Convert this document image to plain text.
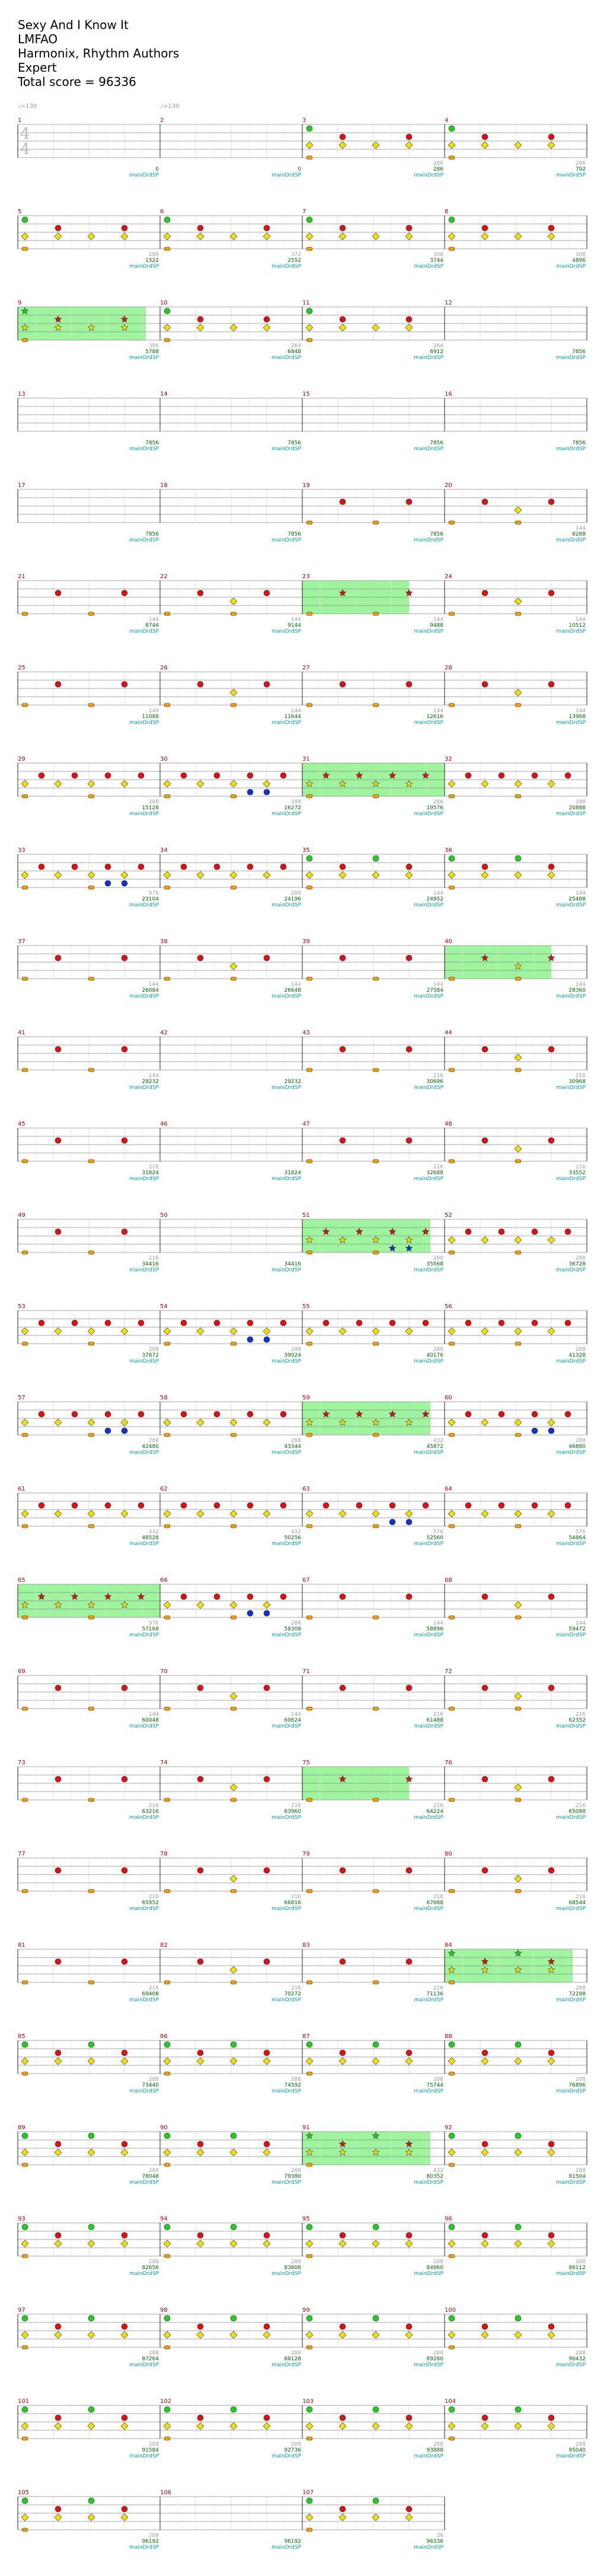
Sexy And I Know It
LMFAO
Harmonix, Rhythm Authors
Expert
Total score = 96336
♩=130	♩=130
1
4
4
0
mainDrdSP
2
0
mainDrdSP
3
286
286
mainDrdSP
4
286
792
mainDrdSP
5
286
1522
mainDrdSP
6
372
2552
mainDrdSP
7
308
3744
mainDrdSP
8
308
4896
mainDrdSP
9
396
5788
mainDrdSP
10
264
6848
mainDrdSP
11
264
6912
mainDrdSP
12
7856
mainDrdSP
13
7856
mainDrdSP
14
7856
mainDrdSP
15
7856
mainDrdSP
16
7856
mainDrdSP
17
7856
mainDrdSP
18
7856
mainDrdSP
19
7856
mainDrdSP
20
144
8288
mainDrdSP
21
144
8744
mainDrdSP
22
144
9144
mainDrdSP
23
144
9488
mainDrdSP
24
144
10512
mainDrdSP
25
144
11088
mainDrdSP
26
144
11644
mainDrdSP
27
144
12616
mainDrdSP
28
144
13968
mainDrdSP
29
288
15128
mainDrdSP
30
288
16272
mainDrdSP
31
288
19576
mainDrdSP
32
288
20888
mainDrdSP
33
576
23104
mainDrdSP
34
288
24196
mainDrdSP
35
144
24952
mainDrdSP
36
144
25488
mainDrdSP
37
144
26084
mainDrdSP
38
144
26648
mainDrdSP
39
144
27584
mainDrdSP
40
144
28360
mainDrdSP
41
144
29232
mainDrdSP
42
29232
mainDrdSP
43
216
30696
mainDrdSP
44
216
30968
mainDrdSP
45
216
31824
mainDrdSP
46
31824
mainDrdSP
47
216
32688
mainDrdSP
48
216
33552
mainDrdSP
49
216
34416
mainDrdSP
50
34416
mainDrdSP
51
288
35568
mainDrdSP
52
288
36728
mainDrdSP
53
288
37872
mainDrdSP
54
288
39024
mainDrdSP
55
288
40176
mainDrdSP
56
288
41328
mainDrdSP
57
288
42480
mainDrdSP
58
288
43344
mainDrdSP
59
432
45872
mainDrdSP
60
288
46880
mainDrdSP
61
432
48528
mainDrdSP
62
432
50256
mainDrdSP
63
576
52560
mainDrdSP
64
576
54864
mainDrdSP
65
576
57168
mainDrdSP
66
288
58308
mainDrdSP
67
144
58896
mainDrdSP
68
144
59472
mainDrdSP
69
144
60048
mainDrdSP
70
144
60624
mainDrdSP
71
216
61488
mainDrdSP
72
216
62352
mainDrdSP
73
216
63216
mainDrdSP
74
216
63960
mainDrdSP
75
216
64224
mainDrdSP
76
216
65088
mainDrdSP
77
216
65952
mainDrdSP
78
216
66816
mainDrdSP
79
216
67688
mainDrdSP
80
216
68544
mainDrdSP
81
216
69408
mainDrdSP
82
216
70272
mainDrdSP
83
216
71136
mainDrdSP
84
288
72288
mainDrdSP
85
288
73440
mainDrdSP
86
288
74592
mainDrdSP
87
288
75744
mainDrdSP
88
288
76896
mainDrdSP
89
288
78048
mainDrdSP
90
288
79380
mainDrdSP
91
432
80352
mainDrdSP
92
288
81504
mainDrdSP
93
288
82656
mainDrdSP
94
288
83808
mainDrdSP
95
288
84960
mainDrdSP
96
288
86112
mainDrdSP
97
288
87264
mainDrdSP
98
288
88128
mainDrdSP
99
288
89280
mainDrdSP
100
288
90432
mainDrdSP
101
288
91584
mainDrdSP
102
288
92736
mainDrdSP
103
288
93888
mainDrdSP
104
288
95040
mainDrdSP
105
288
96192
mainDrdSP
106
96192
mainDrdSP
107
36
96336
mainDrdSP
